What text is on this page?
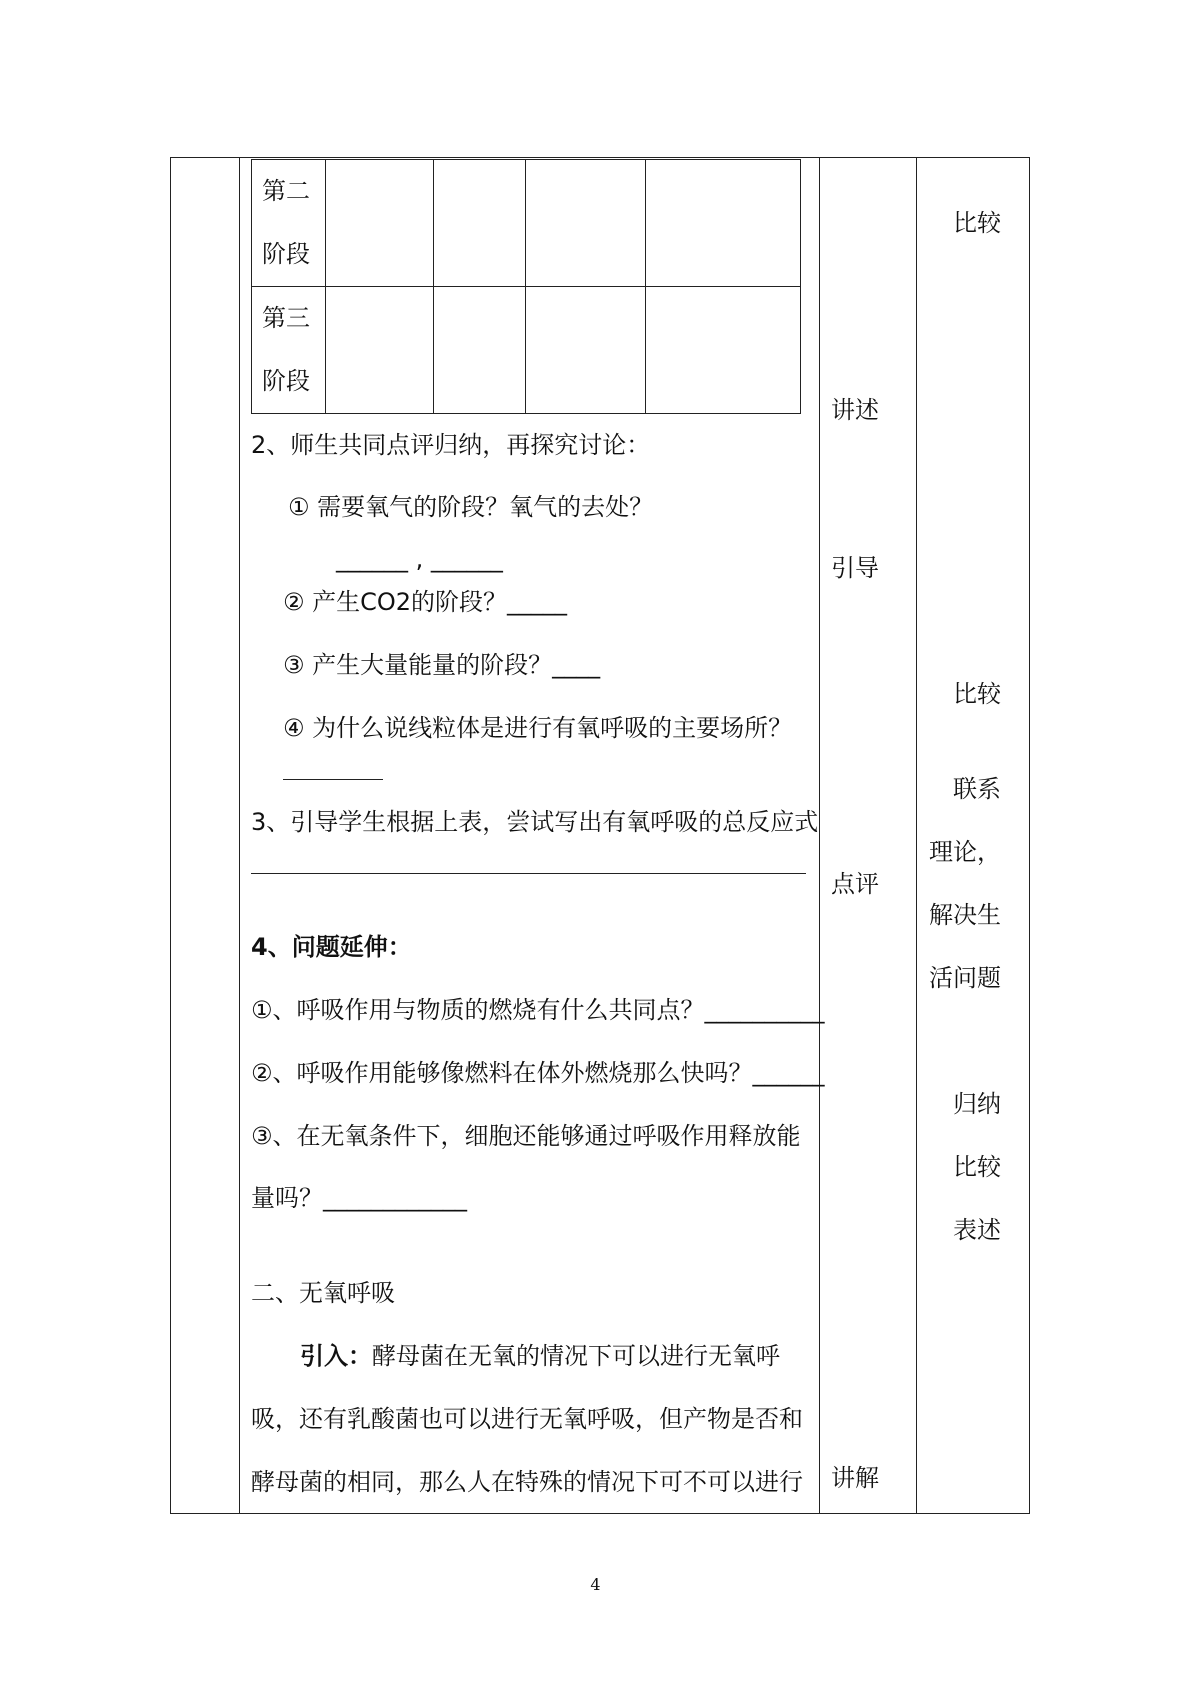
第二阶段				

第三阶段				

2、师生共同点评归纳，再探究讨论：
① 需要氧气的阶段？氧气的去处？
______ , ______
② 产生CO2的阶段？_____
③ 产生大量能量的阶段？____
④ 为什么说线粒体是进行有氧呼吸的主要场所？
3、引导学生根据上表，尝试写出有氧呼吸的总反应式
4、问题延伸：
①、呼吸作用与物质的燃烧有什么共同点？__________
②、呼吸作用能够像燃料在体外燃烧那么快吗？______
③、在无氧条件下，细胞还能够通过呼吸作用释放能
量吗？____________
二、无氧呼吸
引入：酵母菌在无氧的情况下可以进行无氧呼
吸，还有乳酸菌也可以进行无氧呼吸，但产物是否和
酵母菌的相同，那么人在特殊的情况下可不可以进行
讲述
引导
点评
讲解
比较
比较
联系
理论，
解决生
活问题
归纳
比较
表述
4
